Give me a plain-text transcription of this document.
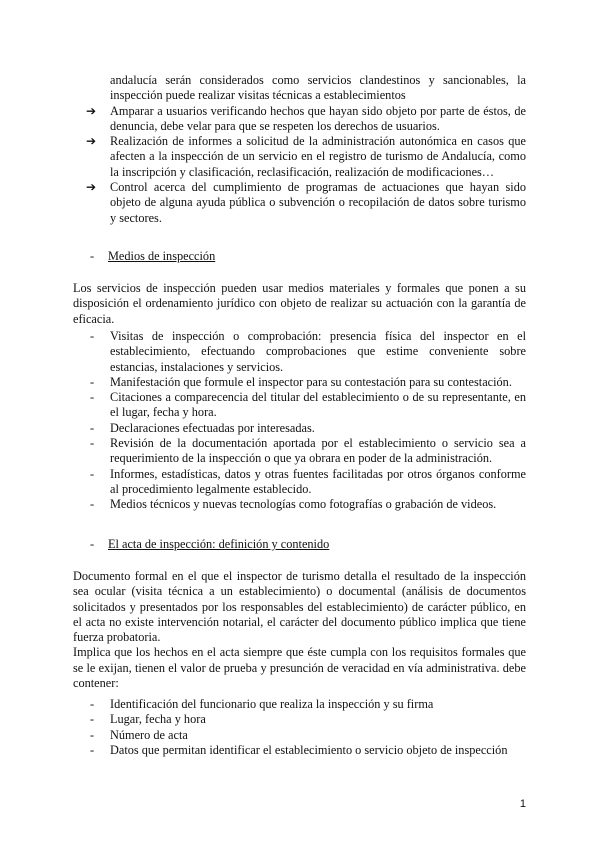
andalucía serán considerados como servicios clandestinos y sancionables, la inspección puede realizar visitas técnicas a establecimientos

➔ Amparar a usuarios verificando hechos que hayan sido objeto por parte de éstos, de denuncia, debe velar para que se respeten los derechos de usuarios.

➔ Realización de informes a solicitud de la administración autonómica en casos que afecten a la inspección de un servicio en el registro de turismo de Andalucía, como la inscripción y clasificación, reclasificación, realización de modificaciones…

➔ Control acerca del cumplimiento de programas de actuaciones que hayan sido objeto de alguna ayuda pública o subvención o recopilación de datos sobre turismo y sectores.

- Medios de inspección

Los servicios de inspección pueden usar medios materiales y formales que ponen a su disposición el ordenamiento jurídico con objeto de realizar su actuación con la garantía de eficacia.

- Visitas de inspección o comprobación: presencia física del inspector en el establecimiento, efectuando comprobaciones que estime conveniente sobre estancias, instalaciones y servicios.

- Manifestación que formule el inspector para su contestación para su contestación.

- Citaciones a comparecencia del titular del establecimiento o de su representante, en el lugar, fecha y hora.

- Declaraciones efectuadas por interesadas.

- Revisión de la documentación aportada por el establecimiento o servicio sea a requerimiento de la inspección o que ya obrara en poder de la administración.

- Informes, estadísticas, datos y otras fuentes facilitadas por otros órganos conforme al procedimiento legalmente establecido.

- Medios técnicos y nuevas tecnologías como fotografías o grabación de videos.

- El acta de inspección: definición y contenido

Documento formal en el que el inspector de turismo detalla el resultado de la inspección sea ocular (visita técnica a un establecimiento) o documental (análisis de documentos solicitados y presentados por los responsables del establecimiento) de carácter público, en el acta no existe intervención notarial, el carácter del documento público implica que tiene fuerza probatoria.

Implica que los hechos en el acta siempre que éste cumpla con los requisitos formales que se le exijan, tienen el valor de prueba y presunción de veracidad en vía administrativa. debe contener:

- Identificación del funcionario que realiza la inspección y su firma

- Lugar, fecha y hora

- Número de acta

- Datos que permitan identificar el establecimiento o servicio objeto de inspección

1
